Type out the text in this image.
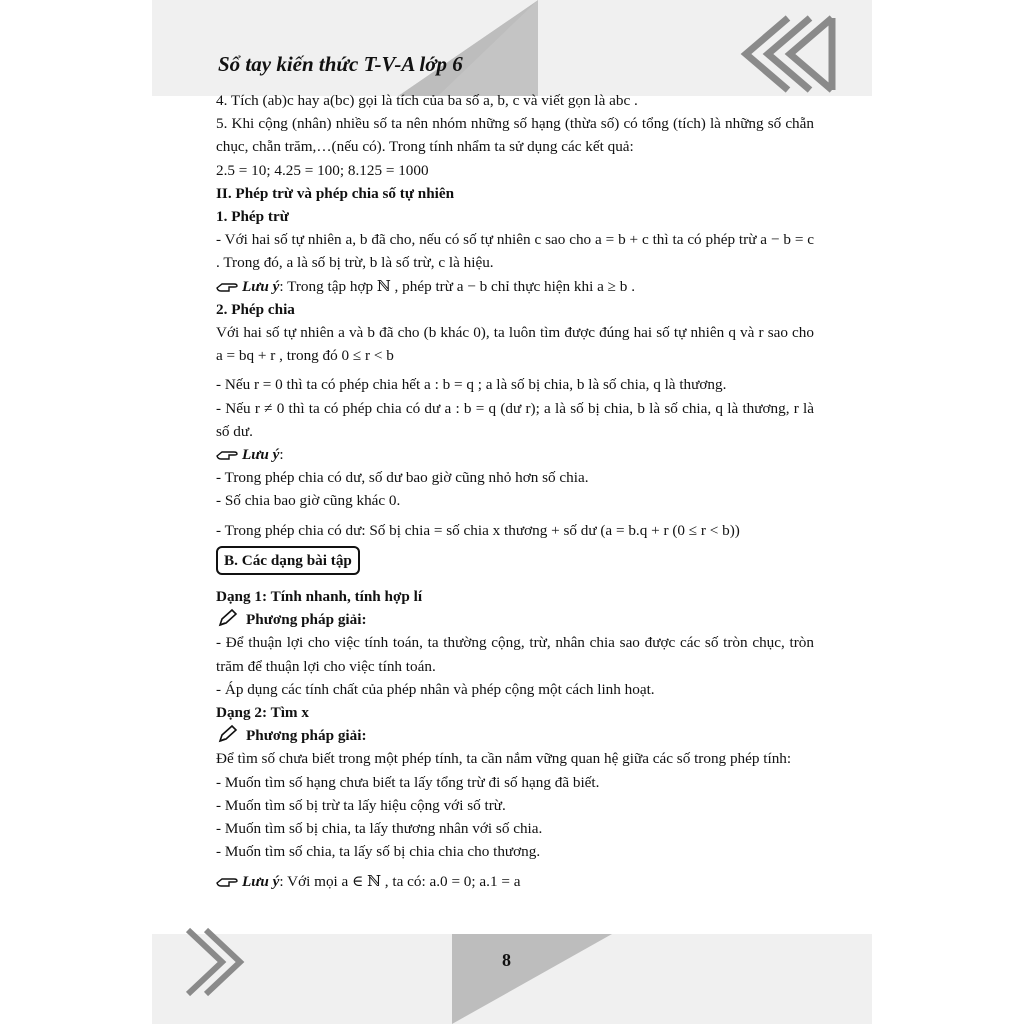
Sổ tay kiến thức T-V-A lớp 6
8

4. Tích (ab)c hay a(bc) gọi là tích của ba số a, b, c và viết gọn là abc .

5. Khi cộng (nhân) nhiều số ta nên nhóm những số hạng (thừa số) có tổng (tích) là những số chẵn chục, chẵn trăm,…(nếu có). Trong tính nhẩm ta sử dụng các kết quả:

2.5 = 10; 4.25 = 100; 8.125 = 1000

II. Phép trừ và phép chia số tự nhiên

1. Phép trừ

- Với hai số tự nhiên a, b đã cho, nếu có số tự nhiên c sao cho a = b + c thì ta có phép trừ a − b = c . Trong đó, a là số bị trừ, b là số trừ, c là hiệu.

Lưu ý: Trong tập hợp ℕ , phép trừ a − b chỉ thực hiện khi a ≥ b .

2. Phép chia

Với hai số tự nhiên a và b đã cho (b khác 0), ta luôn tìm được đúng hai số tự nhiên q và r sao cho a = bq + r , trong đó 0 ≤ r < b

- Nếu r = 0 thì ta có phép chia hết a : b = q ; a là số bị chia, b là số chia, q là thương.

- Nếu r ≠ 0 thì ta có phép chia có dư a : b = q (dư r); a là số bị chia, b là số chia, q là thương, r là số dư.

Lưu ý:

- Trong phép chia có dư, số dư bao giờ cũng nhỏ hơn số chia.

- Số chia bao giờ cũng khác 0.

- Trong phép chia có dư: Số bị chia = số chia x thương + số dư (a = b.q + r (0 ≤ r < b))

B. Các dạng bài tập

Dạng 1: Tính nhanh, tính hợp lí

Phương pháp giải:

- Để thuận lợi cho việc tính toán, ta thường cộng, trừ, nhân chia sao được các số tròn chục, tròn trăm để thuận lợi cho việc tính toán.

- Áp dụng các tính chất của phép nhân và phép cộng một cách linh hoạt.

Dạng 2: Tìm x

Phương pháp giải:

Để tìm số chưa biết trong một phép tính, ta cần nắm vững quan hệ giữa các số trong phép tính:

- Muốn tìm số hạng chưa biết ta lấy tổng trừ đi số hạng đã biết.

- Muốn tìm số bị trừ ta lấy hiệu cộng với số trừ.

- Muốn tìm số bị chia, ta lấy thương nhân với số chia.

- Muốn tìm số chia, ta lấy số bị chia chia cho thương.

Lưu ý: Với mọi a ∈ ℕ , ta có: a.0 = 0; a.1 = a
